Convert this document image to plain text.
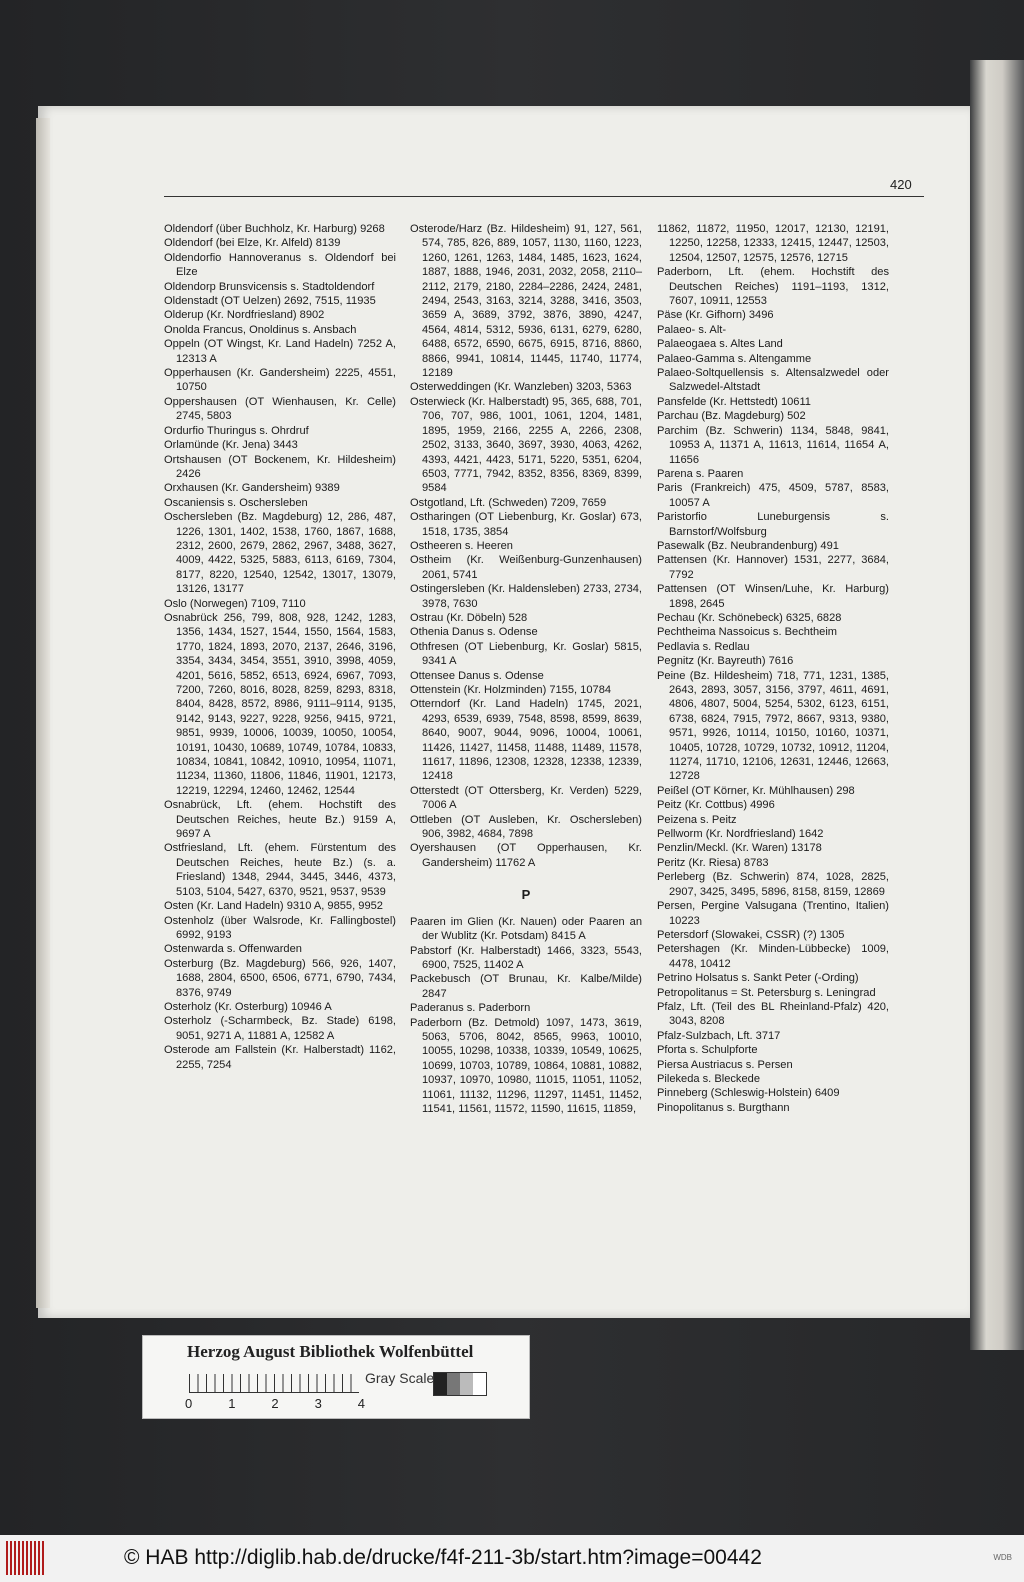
420

Oldendorf (über Buchholz, Kr. Harburg) 9268

Oldendorf (bei Elze, Kr. Alfeld) 8139

Oldendorfio Hannoveranus s. Oldendorf bei Elze

Oldendorp Brunsvicensis s. Stadtoldendorf

Oldenstadt (OT Uelzen) 2692, 7515, 11935

Olderup (Kr. Nordfriesland) 8902

Onolda Francus, Onoldinus s. Ansbach

Oppeln (OT Wingst, Kr. Land Hadeln) 7252 A, 12313 A

Opperhausen (Kr. Gandersheim) 2225, 4551, 10750

Oppershausen (OT Wienhausen, Kr. Celle) 2745, 5803

Ordurfio Thuringus s. Ohrdruf

Orlamünde (Kr. Jena) 3443

Ortshausen (OT Bockenem, Kr. Hildesheim) 2426

Orxhausen (Kr. Gandersheim) 9389

Oscaniensis s. Oschersleben

Oschersleben (Bz. Magdeburg) 12, 286, 487, 1226, 1301, 1402, 1538, 1760, 1867, 1688, 2312, 2600, 2679, 2862, 2967, 3488, 3627, 4009, 4422, 5325, 5883, 6113, 6169, 7304, 8177, 8220, 12540, 12542, 13017, 13079, 13126, 13177

Oslo (Norwegen) 7109, 7110

Osnabrück 256, 799, 808, 928, 1242, 1283, 1356, 1434, 1527, 1544, 1550, 1564, 1583, 1770, 1824, 1893, 2070, 2137, 2646, 3196, 3354, 3434, 3454, 3551, 3910, 3998, 4059, 4201, 5616, 5852, 6513, 6924, 6967, 7093, 7200, 7260, 8016, 8028, 8259, 8293, 8318, 8404, 8428, 8572, 8986, 9111–9114, 9135, 9142, 9143, 9227, 9228, 9256, 9415, 9721, 9851, 9939, 10006, 10039, 10050, 10054, 10191, 10430, 10689, 10749, 10784, 10833, 10834, 10841, 10842, 10910, 10954, 11071, 11234, 11360, 11806, 11846, 11901, 12173, 12219, 12294, 12460, 12462, 12544

Osnabrück, Lft. (ehem. Hochstift des Deutschen Reiches, heute Bz.) 9159 A, 9697 A

Ostfriesland, Lft. (ehem. Fürstentum des Deutschen Reiches, heute Bz.) (s. a. Friesland) 1348, 2944, 3445, 3446, 4373, 5103, 5104, 5427, 6370, 9521, 9537, 9539

Osten (Kr. Land Hadeln) 9310 A, 9855, 9952

Ostenholz (über Walsrode, Kr. Fallingbostel) 6992, 9193

Ostenwarda s. Offenwarden

Osterburg (Bz. Magdeburg) 566, 926, 1407, 1688, 2804, 6500, 6506, 6771, 6790, 7434, 8376, 9749

Osterholz (Kr. Osterburg) 10946 A

Osterholz (-Scharmbeck, Bz. Stade) 6198, 9051, 9271 A, 11881 A, 12582 A

Osterode am Fallstein (Kr. Halberstadt) 1162, 2255, 7254

Osterode/Harz (Bz. Hildesheim) 91, 127, 561, 574, 785, 826, 889, 1057, 1130, 1160, 1223, 1260, 1261, 1263, 1484, 1485, 1623, 1624, 1887, 1888, 1946, 2031, 2032, 2058, 2110–2112, 2179, 2180, 2284–2286, 2424, 2481, 2494, 2543, 3163, 3214, 3288, 3416, 3503, 3659 A, 3689, 3792, 3876, 3890, 4247, 4564, 4814, 5312, 5936, 6131, 6279, 6280, 6488, 6572, 6590, 6675, 6915, 8716, 8860, 8866, 9941, 10814, 11445, 11740, 11774, 12189

Osterweddingen (Kr. Wanzleben) 3203, 5363

Osterwieck (Kr. Halberstadt) 95, 365, 688, 701, 706, 707, 986, 1001, 1061, 1204, 1481, 1895, 1959, 2166, 2255 A, 2266, 2308, 2502, 3133, 3640, 3697, 3930, 4063, 4262, 4393, 4421, 4423, 5171, 5220, 5351, 6204, 6503, 7771, 7942, 8352, 8356, 8369, 8399, 9584

Ostgotland, Lft. (Schweden) 7209, 7659

Ostharingen (OT Liebenburg, Kr. Goslar) 673, 1518, 1735, 3854

Ostheeren s. Heeren

Ostheim (Kr. Weißenburg-Gunzenhausen) 2061, 5741

Ostingersleben (Kr. Haldensleben) 2733, 2734, 3978, 7630

Ostrau (Kr. Döbeln) 528

Othenia Danus s. Odense

Othfresen (OT Liebenburg, Kr. Goslar) 5815, 9341 A

Ottensee Danus s. Odense

Ottenstein (Kr. Holzminden) 7155, 10784

Otterndorf (Kr. Land Hadeln) 1745, 2021, 4293, 6539, 6939, 7548, 8598, 8599, 8639, 8640, 9007, 9044, 9096, 10004, 10061, 11426, 11427, 11458, 11488, 11489, 11578, 11617, 11896, 12308, 12328, 12338, 12339, 12418

Otterstedt (OT Ottersberg, Kr. Verden) 5229, 7006 A

Ottleben (OT Ausleben, Kr. Oschersleben) 906, 3982, 4684, 7898

Oyershausen (OT Opperhausen, Kr. Gandersheim) 11762 A

P

Paaren im Glien (Kr. Nauen) oder Paaren an der Wublitz (Kr. Potsdam) 8415 A

Pabstorf (Kr. Halberstadt) 1466, 3323, 5543, 6900, 7525, 11402 A

Packebusch (OT Brunau, Kr. Kalbe/Milde) 2847

Paderanus s. Paderborn

Paderborn (Bz. Detmold) 1097, 1473, 3619, 5063, 5706, 8042, 8565, 9963, 10010, 10055, 10298, 10338, 10339, 10549, 10625, 10699, 10703, 10789, 10864, 10881, 10882, 10937, 10970, 10980, 11015, 11051, 11052, 11061, 11132, 11296, 11297, 11451, 11452, 11541, 11561, 11572, 11590, 11615, 11859,

11862, 11872, 11950, 12017, 12130, 12191, 12250, 12258, 12333, 12415, 12447, 12503, 12504, 12507, 12575, 12576, 12715

Paderborn, Lft. (ehem. Hochstift des Deutschen Reiches) 1191–1193, 1312, 7607, 10911, 12553

Päse (Kr. Gifhorn) 3496

Palaeo- s. Alt-

Palaeogaea s. Altes Land

Palaeo-Gamma s. Altengamme

Palaeo-Soltquellensis s. Altensalzwedel oder Salzwedel-Altstadt

Pansfelde (Kr. Hettstedt) 10611

Parchau (Bz. Magdeburg) 502

Parchim (Bz. Schwerin) 1134, 5848, 9841, 10953 A, 11371 A, 11613, 11614, 11654 A, 11656

Parena s. Paaren

Paris (Frankreich) 475, 4509, 5787, 8583, 10057 A

Paristorfio Luneburgensis s. Barnstorf/Wolfsburg

Pasewalk (Bz. Neubrandenburg) 491

Pattensen (Kr. Hannover) 1531, 2277, 3684, 7792

Pattensen (OT Winsen/Luhe, Kr. Harburg) 1898, 2645

Pechau (Kr. Schönebeck) 6325, 6828

Pechtheima Nassoicus s. Bechtheim

Pedlavia s. Redlau

Pegnitz (Kr. Bayreuth) 7616

Peine (Bz. Hildesheim) 718, 771, 1231, 1385, 2643, 2893, 3057, 3156, 3797, 4611, 4691, 4806, 4807, 5004, 5254, 5302, 6123, 6151, 6738, 6824, 7915, 7972, 8667, 9313, 9380, 9571, 9926, 10114, 10150, 10160, 10371, 10405, 10728, 10729, 10732, 10912, 11204, 11274, 11710, 12106, 12631, 12446, 12663, 12728

Peißel (OT Körner, Kr. Mühlhausen) 298

Peitz (Kr. Cottbus) 4996

Peizena s. Peitz

Pellworm (Kr. Nordfriesland) 1642

Penzlin/Meckl. (Kr. Waren) 13178

Peritz (Kr. Riesa) 8783

Perleberg (Bz. Schwerin) 874, 1028, 2825, 2907, 3425, 3495, 5896, 8158, 8159, 12869

Persen, Pergine Valsugana (Trentino, Italien) 10223

Petersdorf (Slowakei, CSSR) (?) 1305

Petershagen (Kr. Minden-Lübbecke) 1009, 4478, 10412

Petrino Holsatus s. Sankt Peter (-Ording)

Petropolitanus = St. Petersburg s. Leningrad

Pfalz, Lft. (Teil des BL Rheinland-Pfalz) 420, 3043, 8208

Pfalz-Sulzbach, Lft. 3717

Pforta s. Schulpforte

Piersa Austriacus s. Persen

Pilekeda s. Bleckede

Pinneberg (Schleswig-Holstein) 6409

Pinopolitanus s. Burgthann

Herzog August Bibliothek Wolfenbüttel
0	1	2	3	4
Gray Scale
© HAB http://diglib.hab.de/drucke/f4f-211-3b/start.htm?image=00442	WDB
